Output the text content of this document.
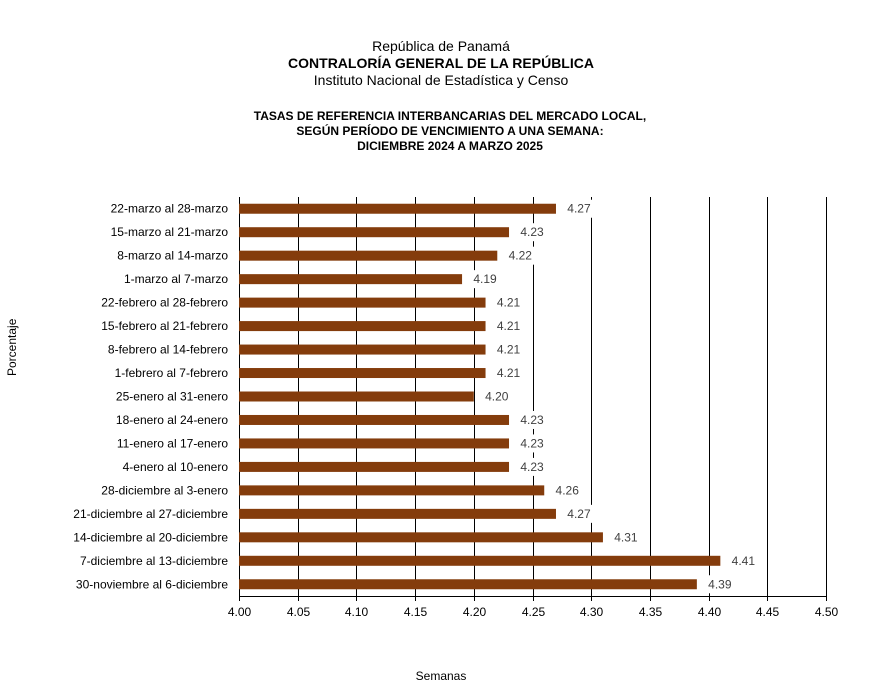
República de Panamá
CONTRALORÍA GENERAL DE LA REPÚBLICA
Instituto Nacional de Estadística y Censo
TASAS DE REFERENCIA INTERBANCARIAS DEL MERCADO LOCAL,
SEGÚN PERÍODO DE VENCIMIENTO A UNA SEMANA:
DICIEMBRE 2024 A MARZO 2025
4.00	4.05	4.10	4.15	4.20	4.25	4.30	4.35	4.40	4.45	4.50
22-marzo al 28-marzo	4.27
15-marzo al 21-marzo	4.23
8-marzo al 14-marzo	4.22
1-marzo al 7-marzo	4.19
22-febrero al 28-febrero	4.21
15-febrero al 21-febrero	4.21
8-febrero al 14-febrero	4.21
1-febrero al 7-febrero	4.21
25-enero al 31-enero	4.20
18-enero al 24-enero	4.23
11-enero al 17-enero	4.23
4-enero al 10-enero	4.23
28-diciembre al 3-enero	4.26
21-diciembre al 27-diciembre	4.27
14-diciembre al 20-diciembre	4.31
7-diciembre al 13-diciembre	4.41
30-noviembre al 6-diciembre	4.39
Porcentaje
Semanas
